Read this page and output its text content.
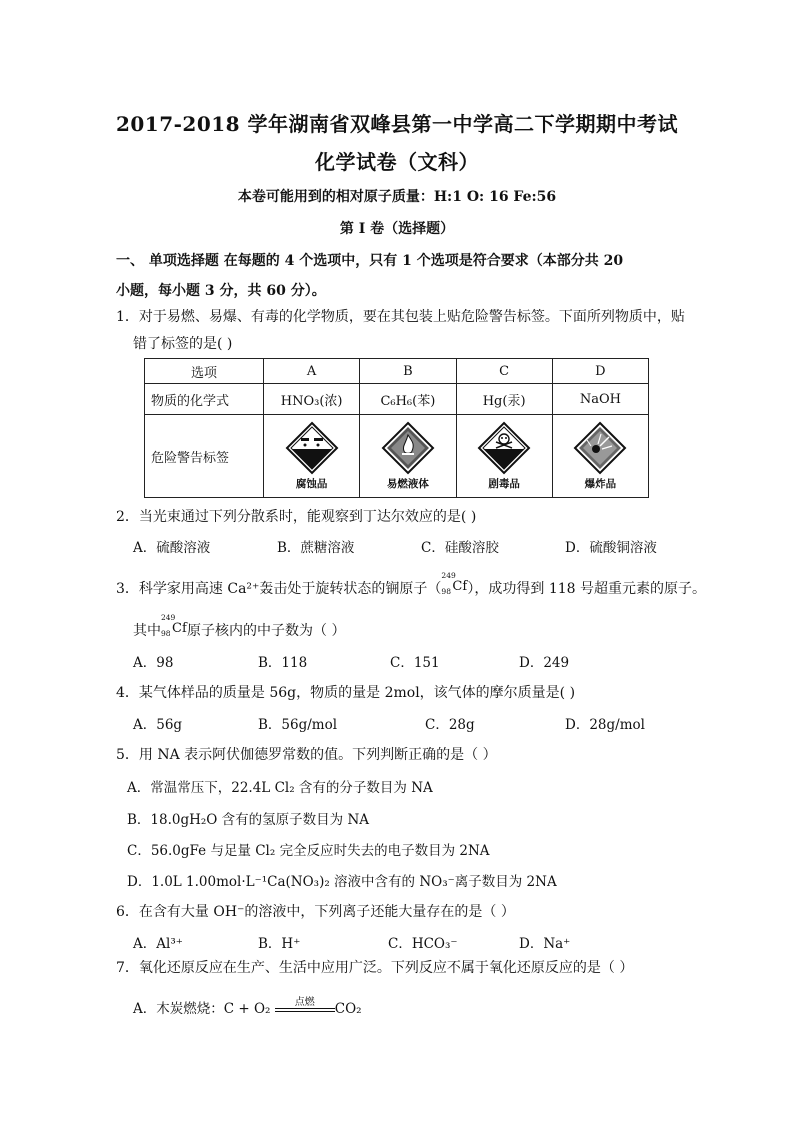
2017-2018 学年湖南省双峰县第一中学高二下学期期中考试
化学试卷（文科）
本卷可能用到的相对原子质量：H:1 O: 16 Fe:56
第 I 卷（选择题）
一、 单项选择题 在每题的 4 个选项中，只有 1 个选项是符合要求（本部分共 20
小题，每小题 3 分，共 60 分）。
1．对于易燃、易爆、有毒的化学物质，要在其包装上贴危险警告标签。下面所列物质中，贴
错了标签的是( )
选项	A	B	C	D
物质的化学式	HNO₃(浓)	C₆H₆(苯)	Hg(汞)	NaOH
危险警告标签	腐蚀品	易燃液体	剧毒品	爆炸品
2．当光束通过下列分散系时，能观察到丁达尔效应的是( )
A．硫酸溶液	B．蔗糖溶液	C．硅酸溶胶	D．硫酸铜溶液
3．科学家用高速 Ca²⁺轰击处于旋转状态的锎原子（
249
98 Cf ），成功得到 118 号超重元素的原子。
其中
249
98 Cf 原子核内的中子数为（ ）
A．98	B．118	C．151	D．249
4．某气体样品的质量是 56g，物质的量是 2mol，该气体的摩尔质量是( )
A．56g	B．56g/mol	C．28g	D．28g/mol
5．用 NA 表示阿伏伽德罗常数的值。下列判断正确的是（ ）
A．常温常压下，22.4L Cl₂ 含有的分子数目为 NA
B．18.0gH₂O 含有的氢原子数目为 NA
C．56.0gFe 与足量 Cl₂ 完全反应时失去的电子数目为 2NA
D．1.0L 1.00mol·L⁻¹Ca(NO₃)₂ 溶液中含有的 NO₃⁻离子数目为 2NA
6．在含有大量 OH⁻的溶液中，下列离子还能大量存在的是（ ）
A．Al³⁺	B．H⁺	C．HCO₃⁻	D．Na⁺
7．氧化还原反应在生产、生活中应用广泛。下列反应不属于氧化还原反应的是（ ）
A．木炭燃烧：C + O₂	点燃	CO₂
